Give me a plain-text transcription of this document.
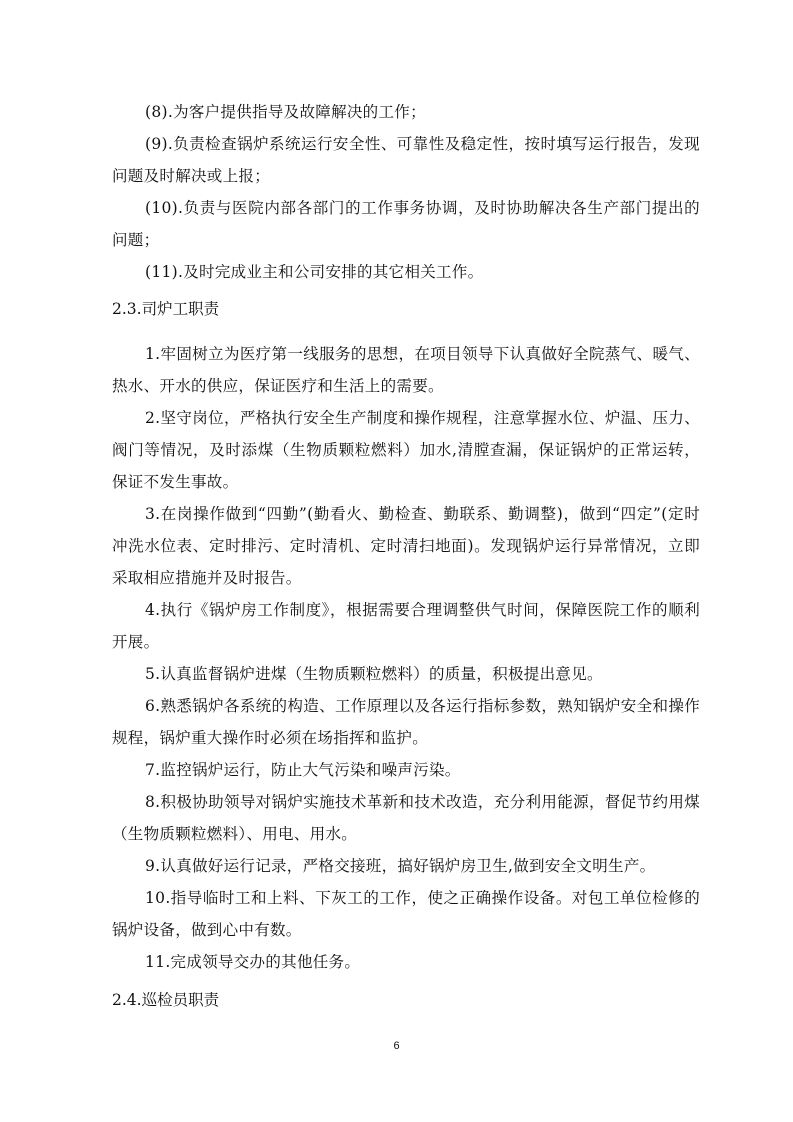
(8).为客户提供指导及故障解决的工作；

(9).负责检查锅炉系统运行安全性、可靠性及稳定性，按时填写运行报告，发现问题及时解决或上报；

(10).负责与医院内部各部门的工作事务协调，及时协助解决各生产部门提出的问题；

(11).及时完成业主和公司安排的其它相关工作。

2.3.司炉工职责

1.牢固树立为医疗第一线服务的思想，在项目领导下认真做好全院蒸气、暖气、热水、开水的供应，保证医疗和生活上的需要。

2.坚守岗位，严格执行安全生产制度和操作规程，注意掌握水位、炉温、压力、阀门等情况，及时添煤（生物质颗粒燃料）加水,清膛查漏，保证锅炉的正常运转，保证不发生事故。

3.在岗操作做到“四勤”(勤看火、勤检查、勤联系、勤调整)，做到“四定”(定时冲洗水位表、定时排污、定时清机、定时清扫地面)。发现锅炉运行异常情况，立即采取相应措施并及时报告。

4.执行《锅炉房工作制度》，根据需要合理调整供气时间，保障医院工作的顺利开展。

5.认真监督锅炉进煤（生物质颗粒燃料）的质量，积极提出意见。

6.熟悉锅炉各系统的构造、工作原理以及各运行指标参数，熟知锅炉安全和操作规程，锅炉重大操作时必须在场指挥和监护。

7.监控锅炉运行，防止大气污染和噪声污染。

8.积极协助领导对锅炉实施技术革新和技术改造，充分利用能源，督促节约用煤（生物质颗粒燃料）、用电、用水。

9.认真做好运行记录，严格交接班，搞好锅炉房卫生,做到安全文明生产。

10.指导临时工和上料、下灰工的工作，使之正确操作设备。对包工单位检修的锅炉设备，做到心中有数。

11.完成领导交办的其他任务。

2.4.巡检员职责

6
